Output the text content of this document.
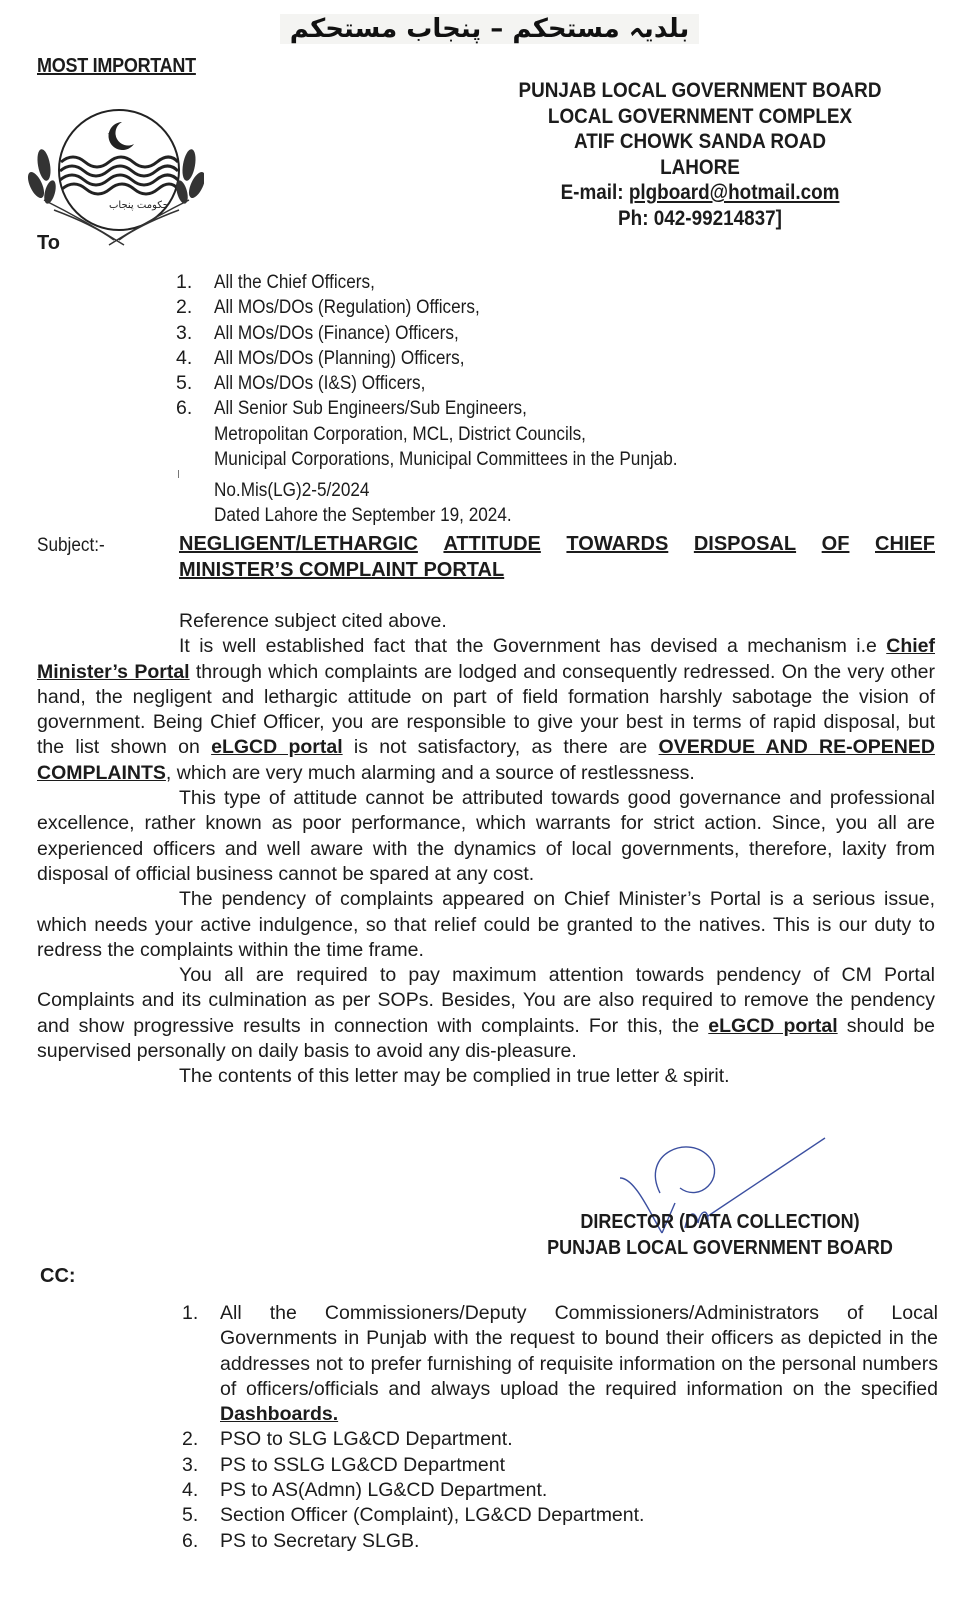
بلدیہ مستحکم – پنجاب مستحکم
MOST IMPORTANT
★
حکومت پنجاب
To
PUNJAB LOCAL GOVERNMENT BOARD
LOCAL GOVERNMENT COMPLEX
ATIF CHOWK SANDA ROAD
LAHORE
E-mail: plgboard@hotmail.com
Ph: 042-99214837]
1. All the Chief Officers,
2. All MOs/DOs (Regulation) Officers,
3. All MOs/DOs (Finance) Officers,
4. All MOs/DOs (Planning) Officers,
5. All MOs/DOs (I&S) Officers,
6. All Senior Sub Engineers/Sub Engineers,
Metropolitan Corporation, MCL, District Councils,
Municipal Corporations, Municipal Committees in the Punjab.
No.Mis(LG)2-5/2024
Dated Lahore the September 19, 2024.
Subject:-	NEGLIGENT/LETHARGIC ATTITUDE TOWARDS DISPOSAL OF CHIEF
MINISTER’S COMPLAINT PORTAL

Reference subject cited above.

It is well established fact that the Government has devised a mechanism i.e Chief Minister’s Portal through which complaints are lodged and consequently redressed. On the very other hand, the negligent and lethargic attitude on part of field formation harshly sabotage the vision of government. Being Chief Officer, you are responsible to give your best in terms of rapid disposal, but the list shown on eLGCD portal is not satisfactory, as there are OVERDUE AND RE-OPENED COMPLAINTS, which are very much alarming and a source of restlessness.

This type of attitude cannot be attributed towards good governance and professional excellence, rather known as poor performance, which warrants for strict action. Since, you all are experienced officers and well aware with the dynamics of local governments, therefore, laxity from disposal of official business cannot be spared at any cost.

The pendency of complaints appeared on Chief Minister’s Portal is a serious issue, which needs your active indulgence, so that relief could be granted to the natives. This is our duty to redress the complaints within the time frame.

You all are required to pay maximum attention towards pendency of CM Portal Complaints and its culmination as per SOPs. Besides, You are also required to remove the pendency and show progressive results in connection with complaints. For this, the eLGCD portal should be supervised personally on daily basis to avoid any dis-pleasure.

The contents of this letter may be complied in true letter & spirit.

DIRECTOR (DATA COLLECTION)
PUNJAB LOCAL GOVERNMENT BOARD
CC:
1. All the Commissioners/Deputy Commissioners/Administrators of Local Governments in Punjab with the request to bound their officers as depicted in the addresses not to prefer furnishing of requisite information on the personal numbers of officers/officials and always upload the required information on the specified Dashboards.
2. PSO to SLG LG&CD Department.
3. PS to SSLG LG&CD Department
4. PS to AS(Admn) LG&CD Department.
5. Section Officer (Complaint), LG&CD Department.
6. PS to Secretary SLGB.
